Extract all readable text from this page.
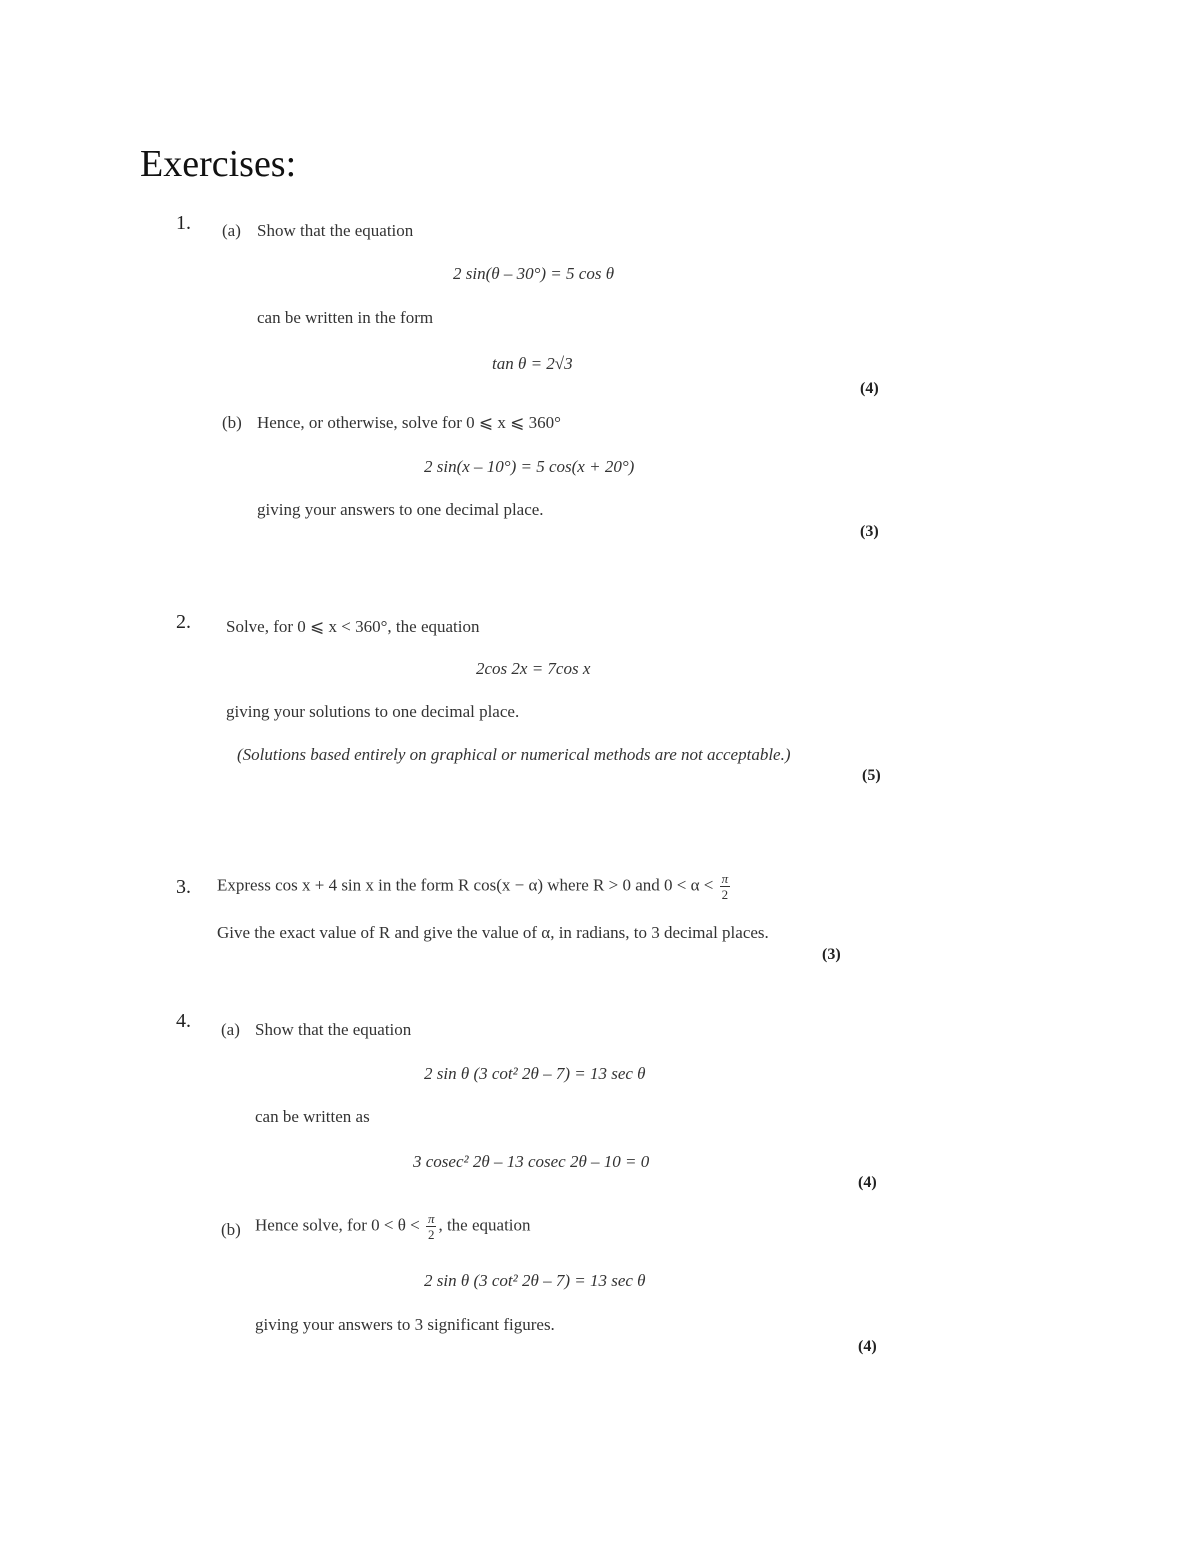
Exercises:
1. (a) Show that the equation
2 sin(θ – 30°) = 5 cos θ
can be written in the form
tan θ = 2√3
(4)
(b) Hence, or otherwise, solve for 0 ⩽ x ⩽ 360°
2 sin(x – 10°) = 5 cos(x + 20°)
giving your answers to one decimal place.
(3)
2. Solve, for 0 ⩽ x < 360°, the equation
2cos 2x = 7cos x
giving your solutions to one decimal place.
(Solutions based entirely on graphical or numerical methods are not acceptable.)
(5)
3. Express cos x + 4 sin x in the form R cos(x − α) where R > 0 and $0 < \alpha < \frac{\pi}{2}$
Give the exact value of R and give the value of α, in radians, to 3 decimal places.
(3)
4. (a) Show that the equation
2 sin θ (3 cot² 2θ – 7) = 13 sec θ
can be written as
3 cosec² 2θ – 13 cosec 2θ – 10 = 0
(4)
(b) Hence solve, for $0 < \theta < \frac{\pi}{2}$ , the equation
2 sin θ (3 cot² 2θ – 7) = 13 sec θ
giving your answers to 3 significant figures.
(4)
